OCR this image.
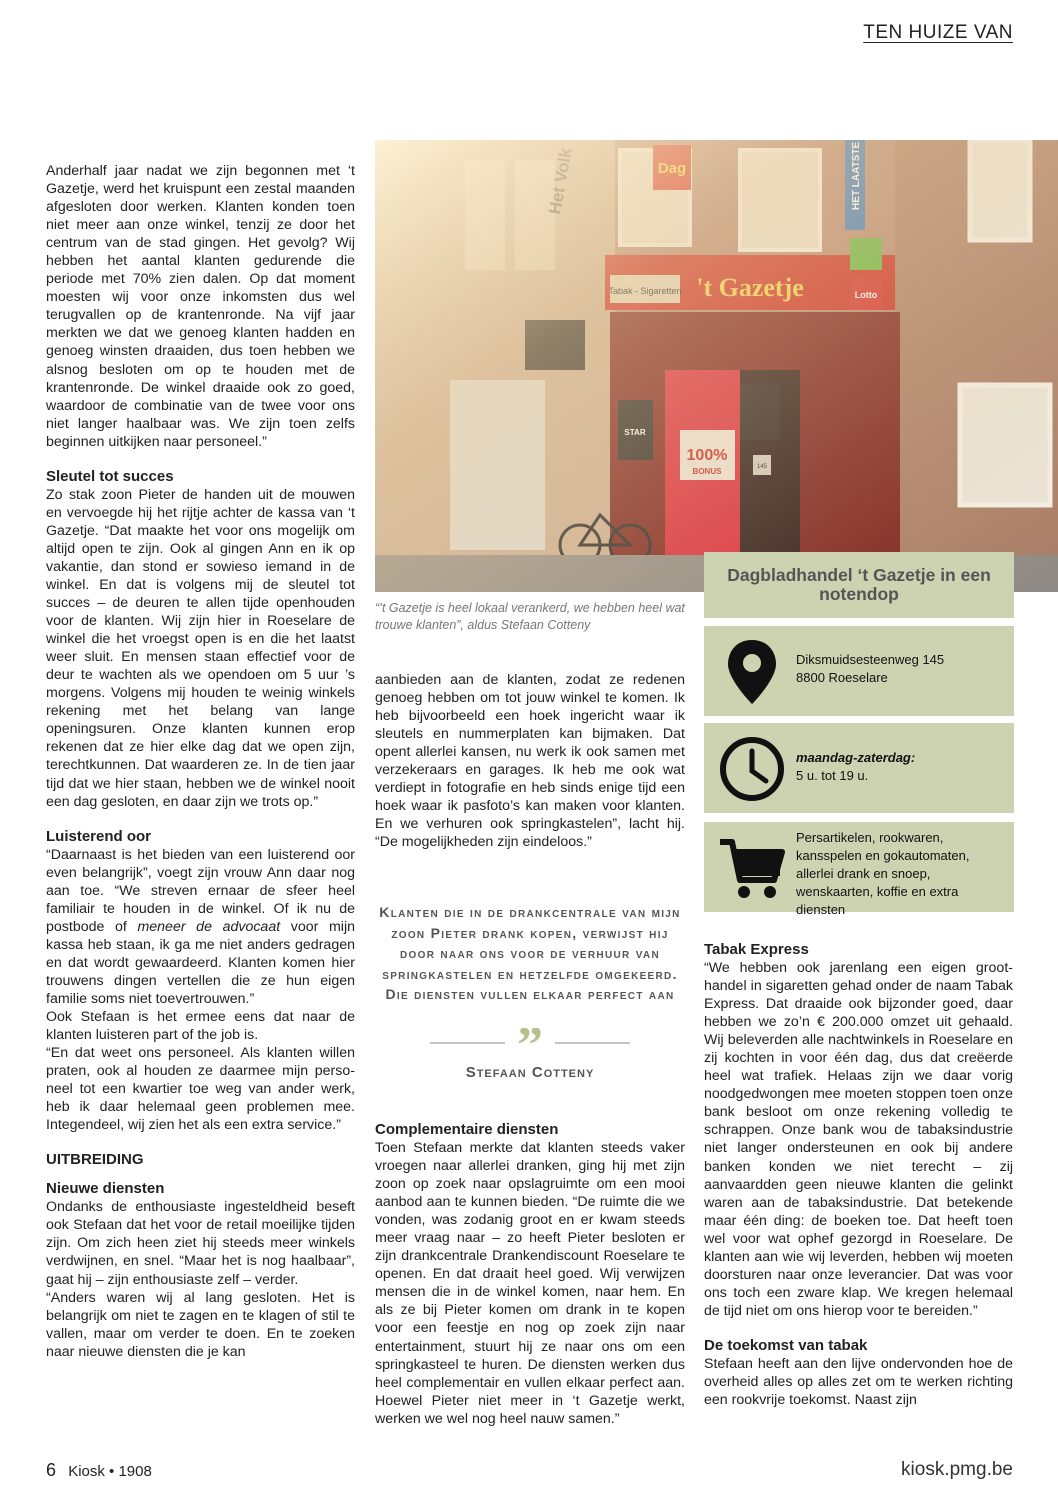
TEN HUIZE VAN

Anderhalf jaar nadat we zijn begonnen met ‘t Gazetje, werd het kruispunt een zestal maanden afgesloten door werken. Klanten konden toen niet meer aan onze winkel, tenzij ze door het centrum van de stad gingen. Het gevolg? Wij hebben het aantal klanten gedurende die periode met 70% zien dalen. Op dat moment moesten wij voor onze inkomsten dus wel terugvallen op de krantenronde. Na vijf jaar merkten we dat we genoeg klanten hadden en genoeg winsten draaiden, dus toen hebben we alsnog besloten om op te houden met de krantenronde. De winkel draaide ook zo goed, waardoor de combinatie van de twee voor ons niet langer haalbaar was. We zijn toen zelfs beginnen uitkijken naar personeel.”

Sleutel tot succes

Zo stak zoon Pieter de handen uit de mouwen en vervoegde hij het rijtje achter de kassa van ‘t Gazetje. “Dat maakte het voor ons mogelijk om altijd open te zijn. Ook al gingen Ann en ik op vakantie, dan stond er sowieso iemand in de winkel. En dat is volgens mij de sleutel tot succes – de deuren te allen tijde openhouden voor de klanten. Wij zijn hier in Roeselare de winkel die het vroegst open is en die het laatst weer sluit. En mensen staan effectief voor de deur te wachten als we opendoen om 5 uur ’s morgens. Volgens mij houden te weinig winkels rekening met het belang van lange openingsuren. Onze klanten kunnen erop rekenen dat ze hier elke dag dat we open zijn, terechtkunnen. Dat waarderen ze. In de tien jaar tijd dat we hier staan, hebben we de winkel nooit een dag gesloten, en daar zijn we trots op.”

Luisterend oor

“Daarnaast is het bieden van een luisterend oor even belangrijk”, voegt zijn vrouw Ann daar nog aan toe. “We streven ernaar de sfeer heel familiair te houden in de winkel. Of ik nu de postbode of meneer de advocaat voor mijn kassa heb staan, ik ga me niet anders gedragen en dat wordt gewaardeerd. Klanten komen hier trouwens dingen vertellen die ze hun eigen familie soms niet toevertrouwen.”

Ook Stefaan is het ermee eens dat naar de klanten luisteren part of the job is.

“En dat weet ons personeel. Als klanten willen praten, ook al houden ze daarmee mijn personeel tot een kwartier toe weg van ander werk, heb ik daar helemaal geen problemen mee. Integendeel, wij zien het als een extra service.”

UITBREIDING
Nieuwe diensten

Ondanks de enthousiaste ingesteldheid beseft ook Stefaan dat het voor de retail moeilijke tijden zijn. Om zich heen ziet hij steeds meer winkels verdwijnen, en snel. “Maar het is nog haalbaar”, gaat hij – zijn enthousiaste zelf – verder.

“Anders waren wij al lang gesloten. Het is belangrijk om niet te zagen en te klagen of stil te vallen, maar om verder te doen. En te zoeken naar nieuwe diensten die je kan

“’t Gazetje is heel lokaal verankerd, we hebben heel wat trouwe klanten”, aldus Stefaan Cotteny
Dagbladhandel ‘t Gazetje in een notendop
Diksmuidsesteenweg 145
8800 Roeselare
maandag-zaterdag:
5 u. tot 19 u.
Persartikelen, rookwaren, kansspelen en gokautomaten, allerlei drank en snoep, wenskaarten, koffie en extra diensten

aanbieden aan de klanten, zodat ze redenen genoeg hebben om tot jouw winkel te komen. Ik heb bijvoorbeeld een hoek ingericht waar ik sleutels en nummerplaten kan bijmaken. Dat opent allerlei kansen, nu werk ik ook samen met verzekeraars en garages. Ik heb me ook wat verdiept in fotografie en heb sinds enige tijd een hoek waar ik pasfoto’s kan maken voor klanten. En we verhuren ook springkastelen”, lacht hij. “De mogelijkheden zijn eindeloos.”

Klanten die in de drankcentrale van mijn zoon Pieter drank kopen, verwijst hij door naar ons voor de verhuur van springkastelen en hetzelfde omgekeerd. Die diensten vullen elkaar perfect aan
”
Stefaan Cotteny
Complementaire diensten

Toen Stefaan merkte dat klanten steeds vaker vroegen naar allerlei dranken, ging hij met zijn zoon op zoek naar opslagruimte om een mooi aanbod aan te kunnen bieden. “De ruimte die we vonden, was zodanig groot en er kwam steeds meer vraag naar – zo heeft Pieter besloten er zijn drankcentrale Drankendiscount Roeselare te openen. En dat draait heel goed. Wij verwijzen mensen die in de winkel komen, naar hem. En als ze bij Pieter komen om drank in te kopen voor een feestje en nog op zoek zijn naar entertainment, stuurt hij ze naar ons om een springkasteel te huren. De diensten werken dus heel complementair en vullen elkaar perfect aan. Hoewel Pieter niet meer in ‘t Gazetje werkt, werken we wel nog heel nauw samen.”

Tabak Express

“We hebben ook jarenlang een eigen groothandel in sigaretten gehad onder de naam Tabak Express. Dat draaide ook bijzonder goed, daar hebben we zo’n € 200.000 omzet uit gehaald. Wij beleverden alle nachtwinkels in Roeselare en zij kochten in voor één dag, dus dat creëerde heel wat trafiek. Helaas zijn we daar vorig noodgedwongen mee moeten stoppen toen onze bank besloot om onze rekening volledig te schrappen. Onze bank wou de tabaksindustrie niet langer ondersteunen en ook bij andere banken konden we niet terecht – zij aanvaardden geen nieuwe klanten die gelinkt waren aan de tabaksindustrie. Dat betekende maar één ding: de boeken toe. Dat heeft toen wel voor wat ophef gezorgd in Roeselare. De klanten aan wie wij leverden, hebben wij moeten doorsturen naar onze leverancier. Dat was voor ons toch een zware klap. We kregen helemaal de tijd niet om ons hierop voor te bereiden.”

De toekomst van tabak

Stefaan heeft aan den lijve ondervonden hoe de overheid alles op alles zet om te werken richting een rookvrije toekomst. Naast zijn

6 Kiosk • 1908	kiosk.pmg.be
